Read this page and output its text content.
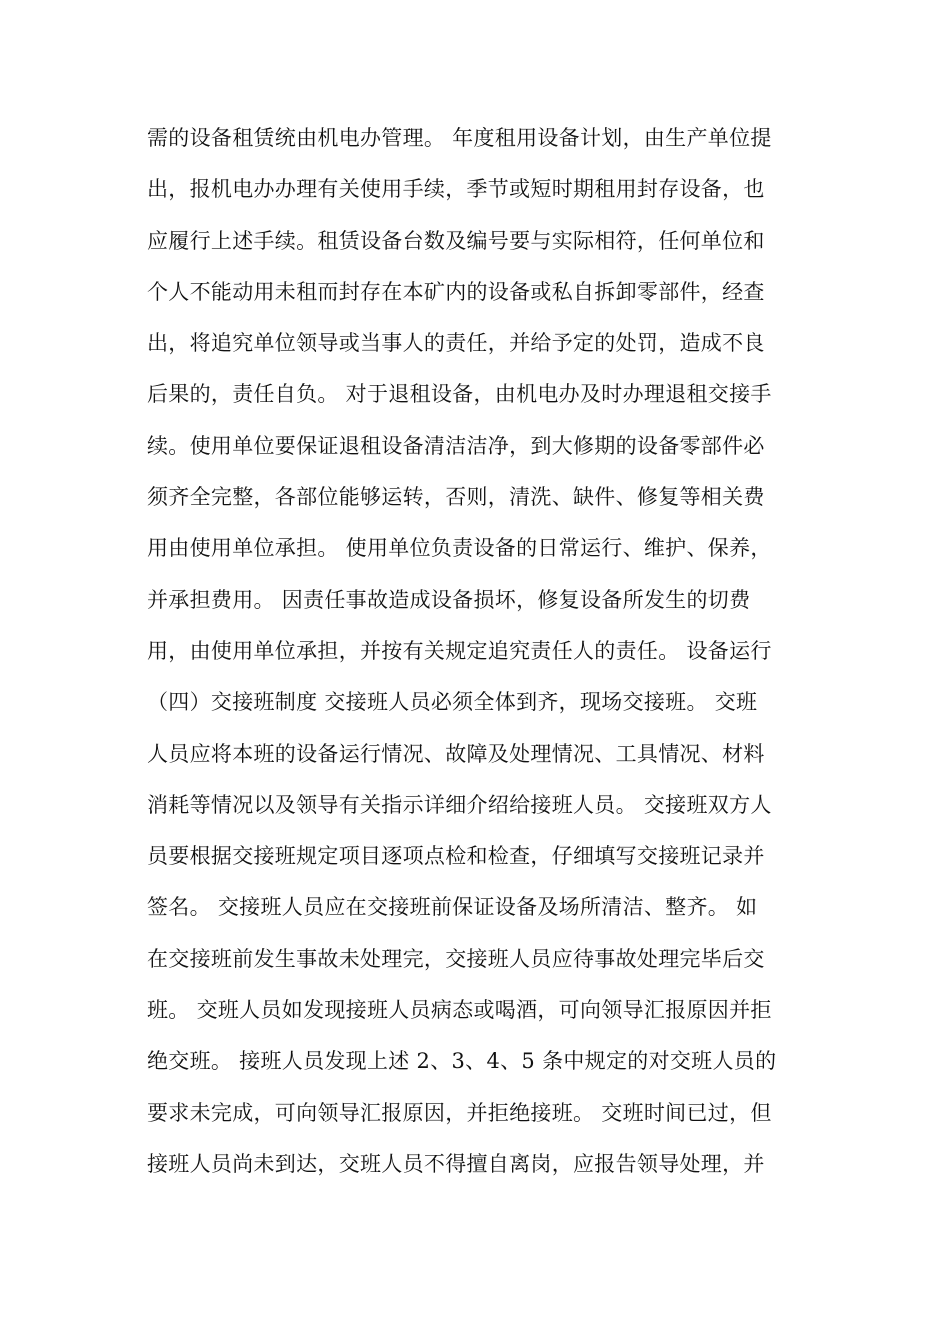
需的设备租赁统由机电办管理。 年度租用设备计划，由生产单位提
出，报机电办办理有关使用手续，季节或短时期租用封存设备，也
应履行上述手续。租赁设备台数及编号要与实际相符，任何单位和
个人不能动用未租而封存在本矿内的设备或私自拆卸零部件，经查
出，将追究单位领导或当事人的责任，并给予定的处罚，造成不良
后果的，责任自负。 对于退租设备，由机电办及时办理退租交接手
续。使用单位要保证退租设备清洁洁净，到大修期的设备零部件必
须齐全完整，各部位能够运转，否则，清洗、缺件、修复等相关费
用由使用单位承担。 使用单位负责设备的日常运行、维护、保养，
并承担费用。 因责任事故造成设备损坏，修复设备所发生的切费
用，由使用单位承担，并按有关规定追究责任人的责任。 设备运行
（四）交接班制度 交接班人员必须全体到齐，现场交接班。 交班
人员应将本班的设备运行情况、故障及处理情况、工具情况、材料
消耗等情况以及领导有关指示详细介绍给接班人员。 交接班双方人
员要根据交接班规定项目逐项点检和检查，仔细填写交接班记录并
签名。 交接班人员应在交接班前保证设备及场所清洁、整齐。 如
在交接班前发生事故未处理完，交接班人员应待事故处理完毕后交
班。 交班人员如发现接班人员病态或喝酒，可向领导汇报原因并拒
绝交班。 接班人员发现上述 2、3、4、5 条中规定的对交班人员的
要求未完成，可向领导汇报原因，并拒绝接班。 交班时间已过，但
接班人员尚未到达，交班人员不得擅自离岗，应报告领导处理，并
